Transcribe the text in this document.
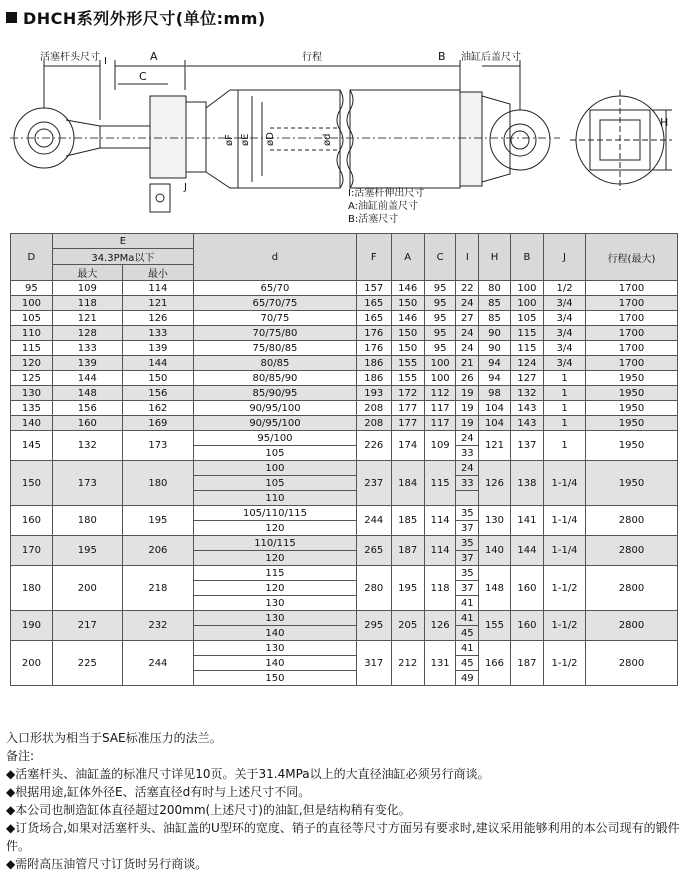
DHCH系列外形尺寸(单位:mm)
活塞杆头尺寸 I	A
C
行程	B 油缸后盖尺寸
øF øE øD	ød
J
H
I:活塞杆伸出尺寸
A:油缸前盖尺寸
B:活塞尺寸
D	E		d	F	A	C	I	H	B	J	行程(最大)
	34.3PMa以下										
	最大	最小									
95	109	114	65/70	157	146	95	22	80	100	1/2	1700
100	118	121	65/70/75	165	150	95	24	85	100	3/4	1700
105	121	126	70/75	165	146	95	27	85	105	3/4	1700
110	128	133	70/75/80	176	150	95	24	90	115	3/4	1700
115	133	139	75/80/85	176	150	95	24	90	115	3/4	1700
120	139	144	80/85	186	155	100	21	94	124	3/4	1700
125	144	150	80/85/90	186	155	100	26	94	127	1	1950
130	148	156	85/90/95	193	172	112	19	98	132	1	1950
135	156	162	90/95/100	208	177	117	19	104	143	1	1950
140	160	169	90/95/100	208	177	117	19	104	143	1	1950
145	132	173	95/100	226	174	109	24	121	137	1	1950
			105				33				
150	173	180	100	237	184	115	24	126	138	1-1/4	1950
			105				33				
			110								
160	180	195	105/110/115	244	185	114	35	130	141	1-1/4	2800
			120				37				
170	195	206	110/115	265	187	114	35	140	144	1-1/4	2800
			120				37				
180	200	218	115	280	195	118	35	148	160	1-1/2	2800
			120				37				
			130				41				
190	217	232	130	295	205	126	41	155	160	1-1/2	2800
			140				45				
200	225	244	130	317	212	131	41	166	187	1-1/2	2800
			140				45				
			150				49				

入口形状为相当于SAE标准压力的法兰。

备注:

◆活塞杆头、油缸盖的标准尺寸详见10页。关于31.4MPa以上的大直径油缸必须另行商谈。

◆根据用途,缸体外径E、活塞直径d有时与上述尺寸不同。

◆本公司也制造缸体直径超过200mm(上述尺寸)的油缸,但是结构稍有变化。

◆订货场合,如果对活塞杆头、油缸盖的U型环的宽度、销子的直径等尺寸方面另有要求时,建议采用能够利用的本公司现有的锻件件。

◆需附高压油管尺寸订货时另行商谈。
